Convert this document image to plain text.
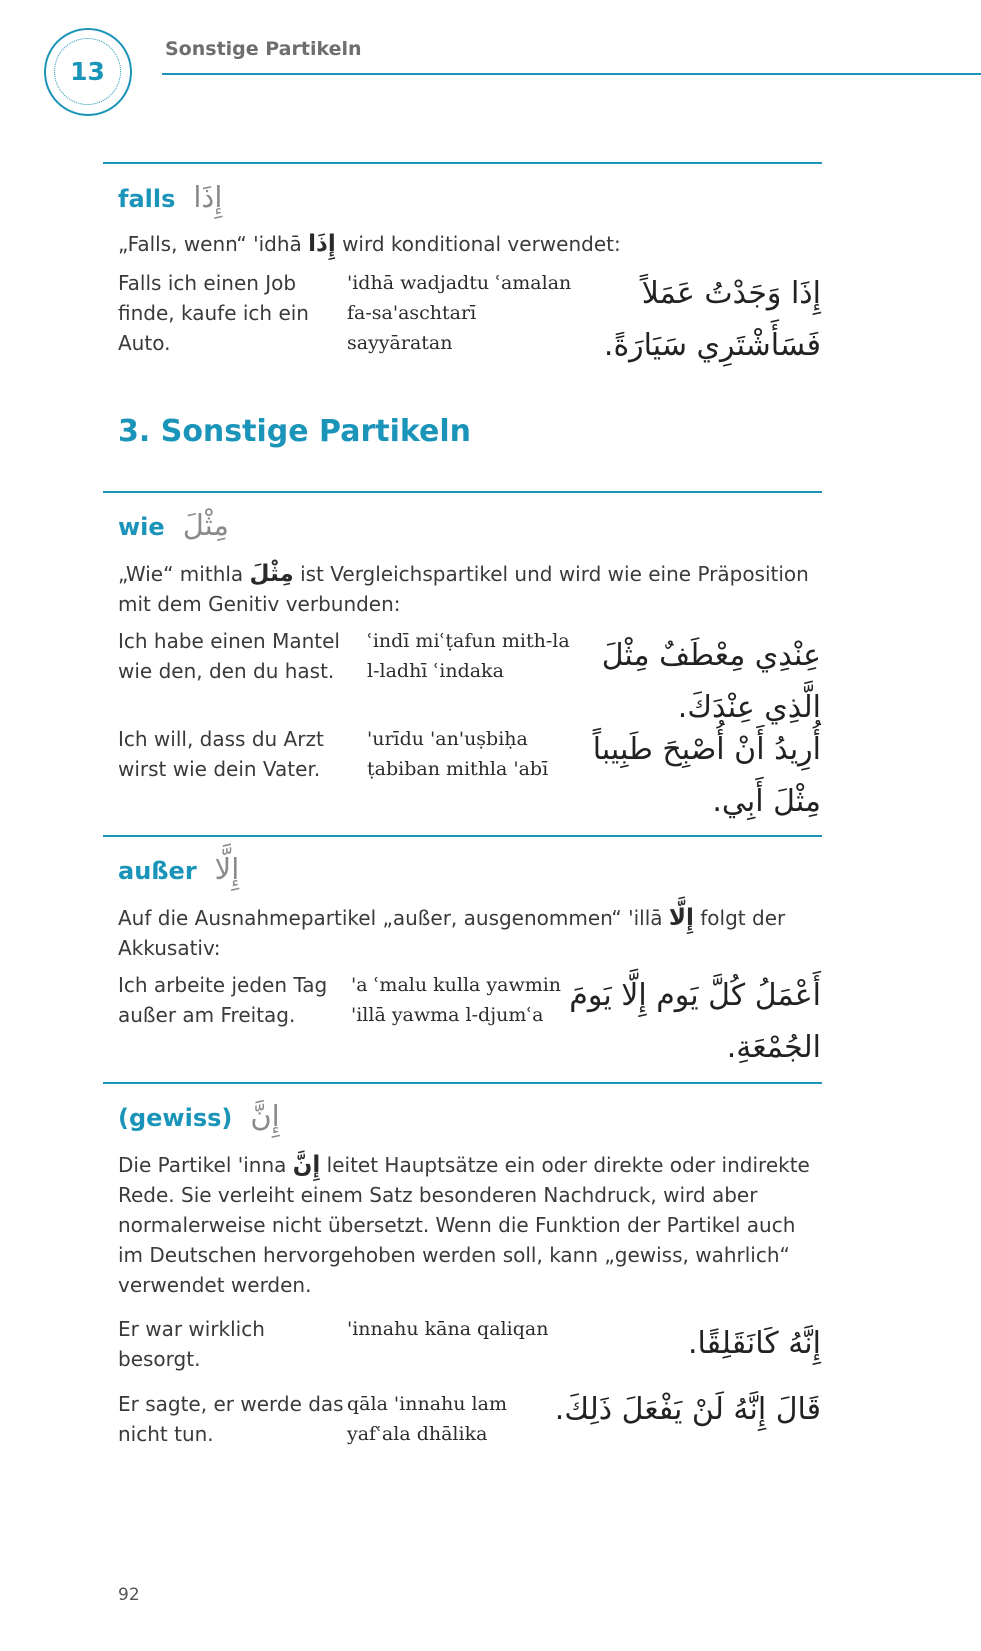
13
Sonstige Partikeln
falls إِذَا
„Falls, wenn“ 'idhā إِذَا wird konditional verwendet:
Falls ich einen Job finde, kaufe ich ein Auto.
'idhā wadjadtu ʿamalan fa-sa'aschtarī sayyāratan
إِذَا وَجَدْتُ عَمَلاً فَسَأَشْتَرِي سَيَارَةً.
3. Sonstige Partikeln
wie مِثْلَ
„Wie“ mithla مِثْلَ ist Vergleichspartikel und wird wie eine Präposition mit dem Genitiv verbunden:
Ich habe einen Mantel wie den, den du hast.
ʿindī miʿṭafun mith-la l-ladhī ʿindaka	عِنْدِي مِعْطَفٌ مِثْلَ الَّذِي عِنْدَكَ.
Ich will, dass du Arzt wirst wie dein Vater.
'urīdu 'an'uṣbiḥa ṭabiban mithla 'abī
أُرِيدُ أَنْ أُصْبِحَ طَبِيباً مِثْلَ أَبِي.
außer إِلَّا
Auf die Ausnahmepartikel „außer, ausgenommen“ 'illā إِلَّا folgt der Akkusativ:
Ich arbeite jeden Tag außer am Freitag.
'a ʿmalu kulla yawmin 'illā yawma l-djumʿa
أَعْمَلُ كُلَّ يَوم إِلَّا يَومَ الجُمْعَةِ.
(gewiss) إِنَّ
Die Partikel 'inna إِنَّ leitet Hauptsätze ein oder direkte oder indirekte Rede. Sie verleiht einem Satz besonderen Nachdruck, wird aber normalerweise nicht übersetzt. Wenn die Funktion der Partikel auch im Deutschen hervorgehoben werden soll, kann „gewiss, wahrlich“ verwendet werden.
Er war wirklich besorgt.
'innahu kāna qaliqan	إِنَّهُ كَانَقَلِقًا.
Er sagte, er werde das nicht tun.
qāla 'innahu lam yafʿala dhālika
قَالَ إِنَّهُ لَنْ يَفْعَلَ ذَلِكَ.
92
